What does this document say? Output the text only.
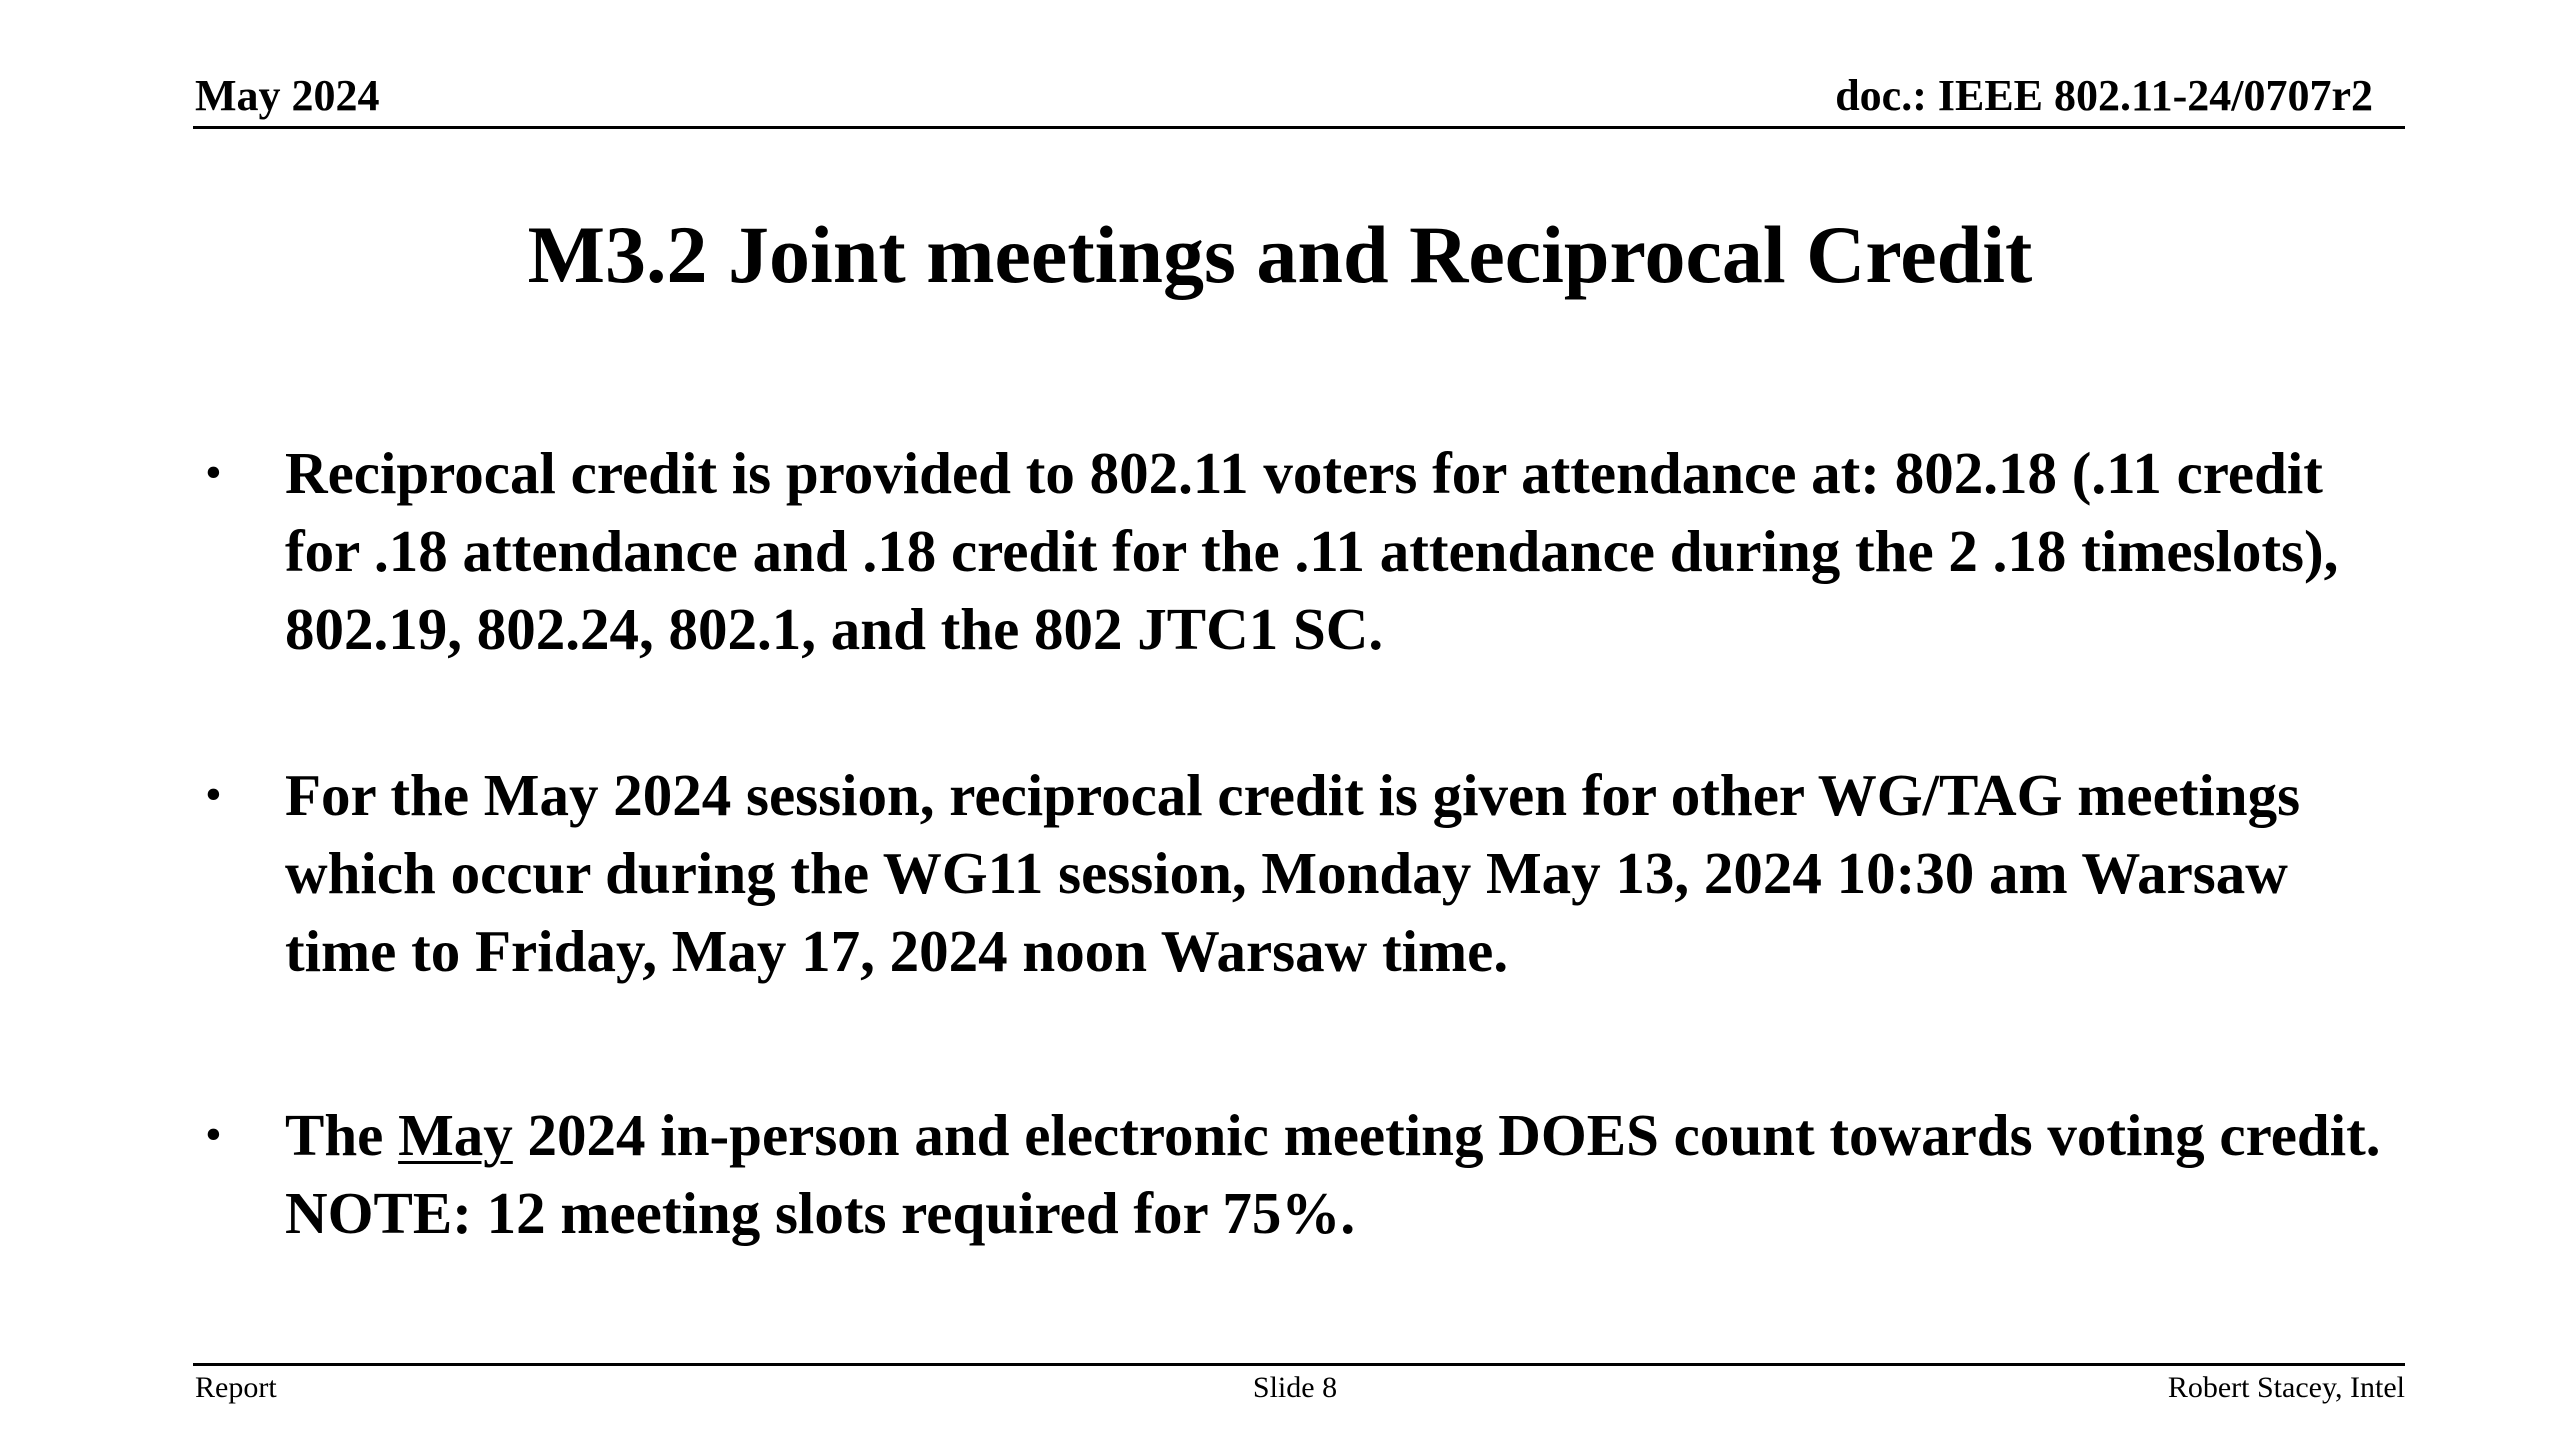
May 2024	doc.: IEEE 802.11-24/0707r2
M3.2 Joint meetings and Reciprocal Credit
• Reciprocal credit is provided to 802.11 voters for attendance at: 802.18 (.11 credit for .18 attendance and .18 credit for the .11 attendance during the 2 .18 timeslots), 802.19, 802.24, 802.1, and the 802 JTC1 SC.
• For the May 2024 session, reciprocal credit is given for other WG/TAG meetings which occur during the WG11 session, Monday May 13, 2024 10:30 am Warsaw time to Friday, May 17, 2024 noon Warsaw time.
• The May 2024 in-person and electronic meeting DOES count towards voting credit. NOTE: 12 meeting slots required for 75%.
Report	Slide 8	Robert Stacey, Intel
